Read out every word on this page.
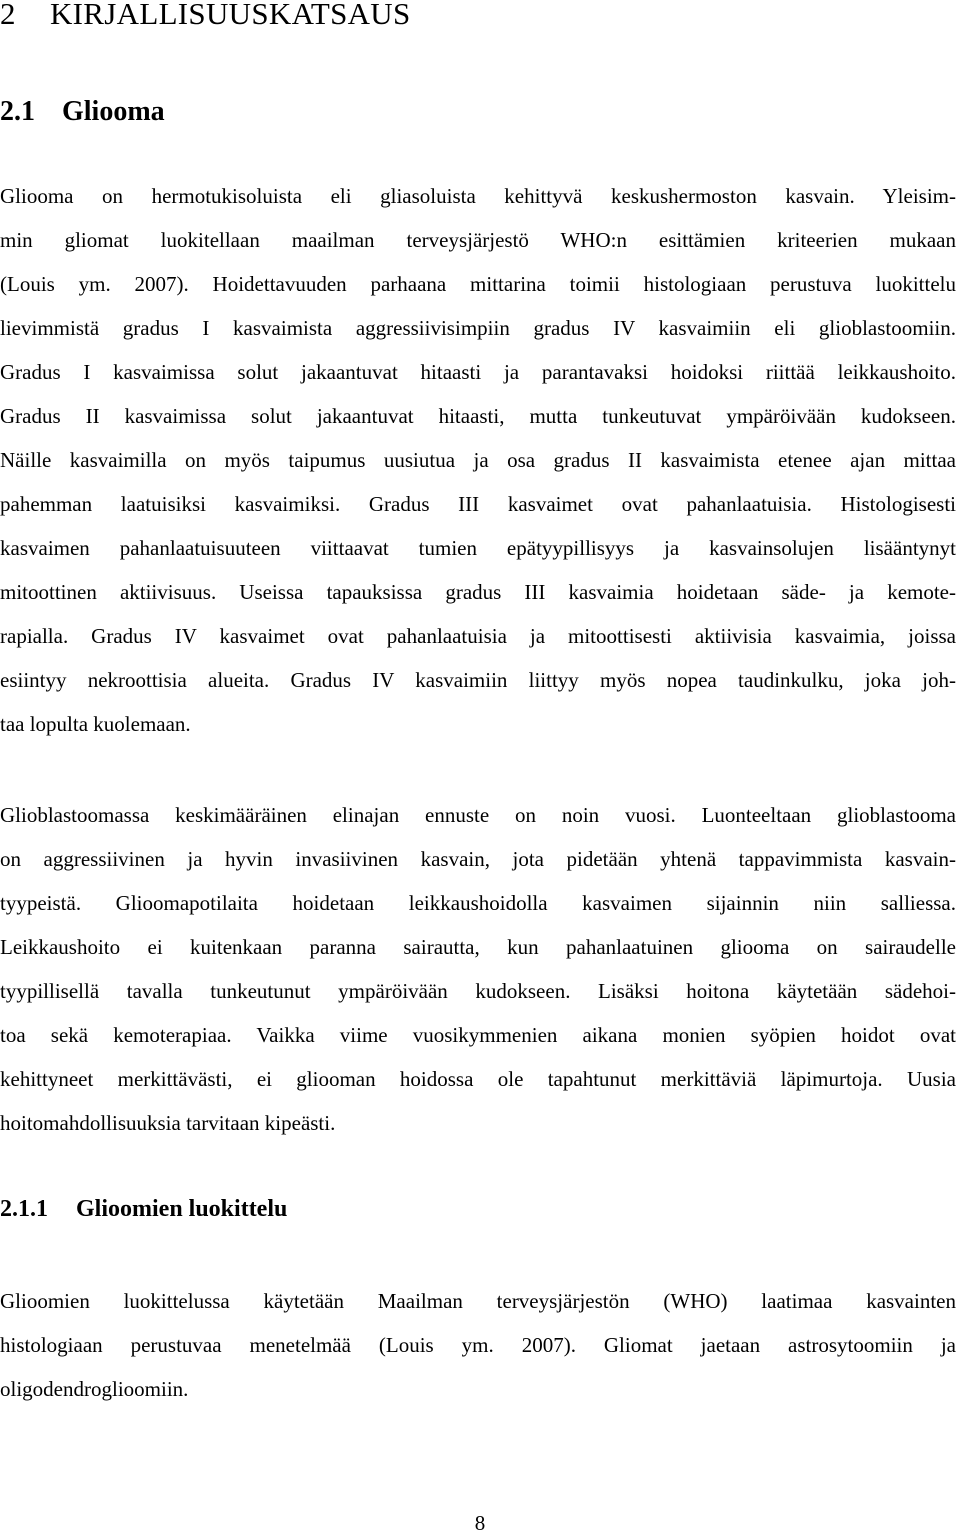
2 KIRJALLISUUSKATSAUS
2.1 Gliooma
Gliooma on hermotukisoluista eli gliasoluista kehittyvä keskushermoston kasvain. Yleisim-
min gliomat luokitellaan maailman terveysjärjestö WHO:n esittämien kriteerien mukaan
(Louis ym. 2007). Hoidettavuuden parhaana mittarina toimii histologiaan perustuva luokittelu
lievimmistä gradus I kasvaimista aggressiivisimpiin gradus IV kasvaimiin eli glioblastoomiin.
Gradus I kasvaimissa solut jakaantuvat hitaasti ja parantavaksi hoidoksi riittää leikkaushoito.
Gradus II kasvaimissa solut jakaantuvat hitaasti, mutta tunkeutuvat ympäröivään kudokseen.
Näille kasvaimilla on myös taipumus uusiutua ja osa gradus II kasvaimista etenee ajan mittaa
pahemman laatuisiksi kasvaimiksi. Gradus III kasvaimet ovat pahanlaatuisia. Histologisesti
kasvaimen pahanlaatuisuuteen viittaavat tumien epätyypillisyys ja kasvainsolujen lisääntynyt
mitoottinen aktiivisuus. Useissa tapauksissa gradus III kasvaimia hoidetaan säde- ja kemote-
rapialla. Gradus IV kasvaimet ovat pahanlaatuisia ja mitoottisesti aktiivisia kasvaimia, joissa
esiintyy nekroottisia alueita. Gradus IV kasvaimiin liittyy myös nopea taudinkulku, joka joh-
taa lopulta kuolemaan.
Glioblastoomassa keskimääräinen elinajan ennuste on noin vuosi. Luonteeltaan glioblastooma
on aggressiivinen ja hyvin invasiivinen kasvain, jota pidetään yhtenä tappavimmista kasvain-
tyypeistä. Glioomapotilaita hoidetaan leikkaushoidolla kasvaimen sijainnin niin salliessa.
Leikkaushoito ei kuitenkaan paranna sairautta, kun pahanlaatuinen gliooma on sairaudelle
tyypillisellä tavalla tunkeutunut ympäröivään kudokseen. Lisäksi hoitona käytetään sädehoi-
toa sekä kemoterapiaa. Vaikka viime vuosikymmenien aikana monien syöpien hoidot ovat
kehittyneet merkittävästi, ei gliooman hoidossa ole tapahtunut merkittäviä läpimurtoja. Uusia
hoitomahdollisuuksia tarvitaan kipeästi.
2.1.1 Glioomien luokittelu
Glioomien luokittelussa käytetään Maailman terveysjärjestön (WHO) laatimaa kasvainten
histologiaan perustuvaa menetelmää (Louis ym. 2007). Gliomat jaetaan astrosytoomiin ja
oligodendroglioomiin.
8
